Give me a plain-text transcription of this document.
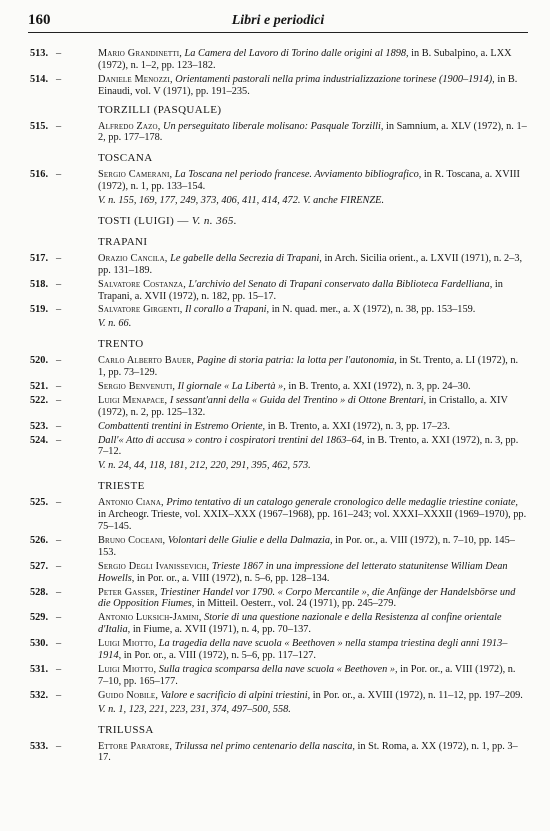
160	Libri e periodici
513. –	Mario Grandinetti, La Camera del Lavoro di Torino dalle origini al 1898, in B. Subalpino, a. LXX (1972), n. 1–2, pp. 123–182.
514. –	Daniele Menozzi, Orientamenti pastorali nella prima industrializzazione torinese (1900–1914), in B. Einaudi, vol. V (1971), pp. 191–235.
TORZILLI (PASQUALE)
515. –	Alfredo Zazo, Un perseguitato liberale molisano: Pasquale Torzilli, in Samnium, a. XLV (1972), n. 1–2, pp. 177–178.
TOSCANA
516. –	Sergio Camerani, La Toscana nel periodo francese. Avviamento bibliografico, in R. Toscana, a. XVIII (1972), n. 1, pp. 133–154.
V. n. 155, 169, 177, 249, 373, 406, 411, 414, 472. V. anche FIRENZE.
TOSTI (LUIGI) — V. n. 365.
TRAPANI
517. –	Orazio Cancila, Le gabelle della Secrezia di Trapani, in Arch. Sicilia orient., a. LXVII (1971), n. 2–3, pp. 131–189.
518. –	Salvatore Costanza, L'archivio del Senato di Trapani conservato dalla Biblioteca Fardelliana, in Trapani, a. XVII (1972), n. 182, pp. 15–17.
519. –	Salvatore Girgenti, Il corallo a Trapani, in N. quad. mer., a. X (1972), n. 38, pp. 153–159.
V. n. 66.
TRENTO
520. –	Carlo Alberto Bauer, Pagine di storia patria: la lotta per l'autonomia, in St. Trento, a. LI (1972), n. 1, pp. 73–129.
521. –	Sergio Benvenuti, Il giornale « La Libertà », in B. Trento, a. XXI (1972), n. 3, pp. 24–30.
522. –	Luigi Menapace, I sessant'anni della « Guida del Trentino » di Ottone Brentari, in Cristallo, a. XIV (1972), n. 2, pp. 125–132.
523. –	Combattenti trentini in Estremo Oriente, in B. Trento, a. XXI (1972), n. 3, pp. 17–23.
524. –	Dall'« Atto di accusa » contro i cospiratori trentini del 1863–64, in B. Trento, a. XXI (1972), n. 3, pp. 7–12.
V. n. 24, 44, 118, 181, 212, 220, 291, 395, 462, 573.
TRIESTE
525. –	Antonio Ciana, Primo tentativo di un catalogo generale cronologico delle medaglie triestine coniate, in Archeogr. Trieste, vol. XXIX–XXX (1967–1968), pp. 161–243; vol. XXXI–XXXII (1969–1970), pp. 75–145.
526. –	Bruno Coceani, Volontari delle Giulie e della Dalmazia, in Por. or., a. VIII (1972), n. 7–10, pp. 145–153.
527. –	Sergio Degli Ivanissevich, Trieste 1867 in una impressione del letterato statunitense William Dean Howells, in Por. or., a. VIII (1972), n. 5–6, pp. 128–134.
528. –	Peter Gasser, Triestiner Handel vor 1790. « Corpo Mercantile », die Anfänge der Handelsbörse und die Opposition Fiumes, in Mitteil. Oesterr., vol. 24 (1971), pp. 245–279.
529. –	Antonio Luksich-Jamini, Storie di una questione nazionale e della Resistenza al confine orientale d'Italia, in Fiume, a. XVII (1971), n. 4, pp. 70–137.
530. –	Luigi Miotto, La tragedia della nave scuola « Beethoven » nella stampa triestina degli anni 1913–1914, in Por. or., a. VIII (1972), n. 5–6, pp. 117–127.
531. –	Luigi Miotto, Sulla tragica scomparsa della nave scuola « Beethoven », in Por. or., a. VIII (1972), n. 7–10, pp. 165–177.
532. –	Guido Nobile, Valore e sacrificio di alpini triestini, in Por. or., a. XVIII (1972), n. 11–12, pp. 197–209.
V. n. 1, 123, 221, 223, 231, 374, 497–500, 558.
TRILUSSA
533. –	Ettore Paratore, Trilussa nel primo centenario della nascita, in St. Roma, a. XX (1972), n. 1, pp. 3–17.
